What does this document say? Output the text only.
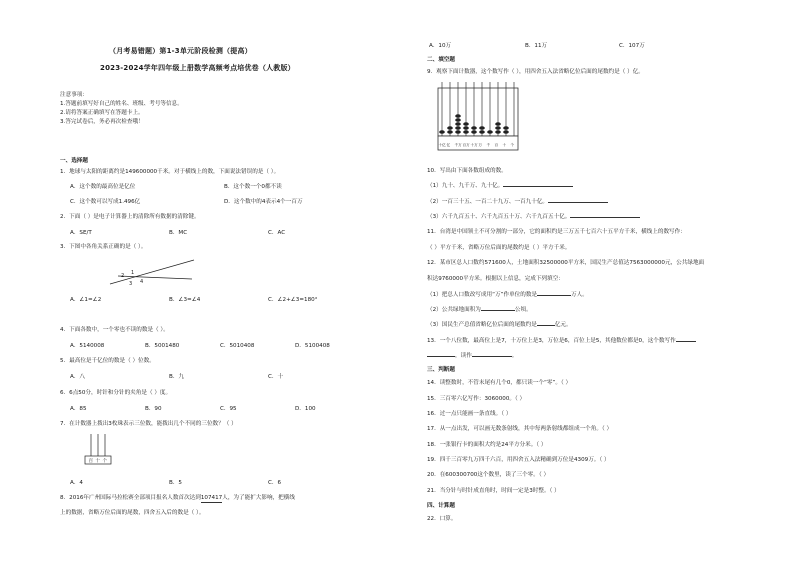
（月考易错题）第1-3单元阶段检测（提高）
2023-2024学年四年级上册数学高频考点培优卷（人教版）
注意事项：
1.答题前填写好自己的姓名、班级、考号等信息。
2.请将答案正确填写在答题卡上。
3.答完试卷后，务必再次检查哦！
一、选择题
1．地球与太阳的距离约是149600000千米。对于横线上的数，下面说法错误的是（ ）。
A．这个数的最高位是亿位	B．这个数一个0都不读
C．这个数可以写成1.496亿	D．这个数中的4表示4个一百万
2．下面（ ）是电子计算器上的清除所有数据的清除键。
A．SE/T	B．MC	C．AC
3．下图中各角关系正确的是（ ）。
2 1
3 4
A．∠1=∠2	B．∠3=∠4	C．∠2+∠3=180°
4．下面各数中，一个零也不读的数是（ ）。
A．5140008	B．5001480	C．5010408	D．5100408
5．最高位是千亿位的数是（ ）位数。
A．八	B．九	C．十
6．6点50分，时针和分针的夹角是（ ）度。
A．85	B．90	C．95	D．100
7．在计数器上拨出3枚珠表示三位数，能拨出几个不同的三位数？（ ）
百 十 个
A．4	B．5	C．6
8．2016年广州国际马拉松赛全部项目报名人数首次达到107417人，为了能扩大影响，把横线
上的数据，省略万位后面的尾数，四舍五入后的数是（ ）。
A．10万	B．11万	C．107万
二、填空题
9．观察下面计数器，这个数写作（ ），用四舍五入法省略亿位后面的尾数约是（ ）亿。
十亿 亿 千万 百万 十万 万 千 百 十 个
10．写出由下面各数组成的数。
（1）九十、九千万、九十亿。
（2）一百三十五、一百二十九万、一百九十亿。
（3）六千九百五十、六千九百五十万、六千九百五十亿。
11．台湾是中国领土不可分割的一部分，它的面积约是三万五千七百六十五平方千米，横线上的数写作：
（ ）平方千米，省略万位后面的尾数约是（ ）平方千米。
12．某市区总人口数约571600人，土地面积32500000平方米，国民生产总值达7563000000元，公共绿地面
积达9760000平方米。根据以上信息，完成下列填空：
（1）把总人口数改写成用“万”作单位的数是	万人。
（2）公共绿地面积为	公顷。
（3）国民生产总值省略亿位后面的尾数约是	亿元。
13．一个八位数，最高位上是7，十万位上是3，万位是6，百位上是5，其他数位都是0，这个数写作
，读作	。
三、判断题
14．读整数时，不管末尾有几个0，都只读一个“零”。（ ）
15．三百零六亿写作：3060000。（ ）
16．过一点只能画一条直线。（ ）
17．从一点出发，可以画无数条射线，其中每两条射线都组成一个角。（ ）
18．一张银行卡的面积大约是24平方分米。（ ）
19．四千三百零九万四千六百，用四舍五入法精确到万位是4309万。（ ）
20．在600300700这个数里，读了三个零。（ ）
21．当分针与时针成直角时，时间一定是3时整。（ ）
四、计算题
22．口算。
